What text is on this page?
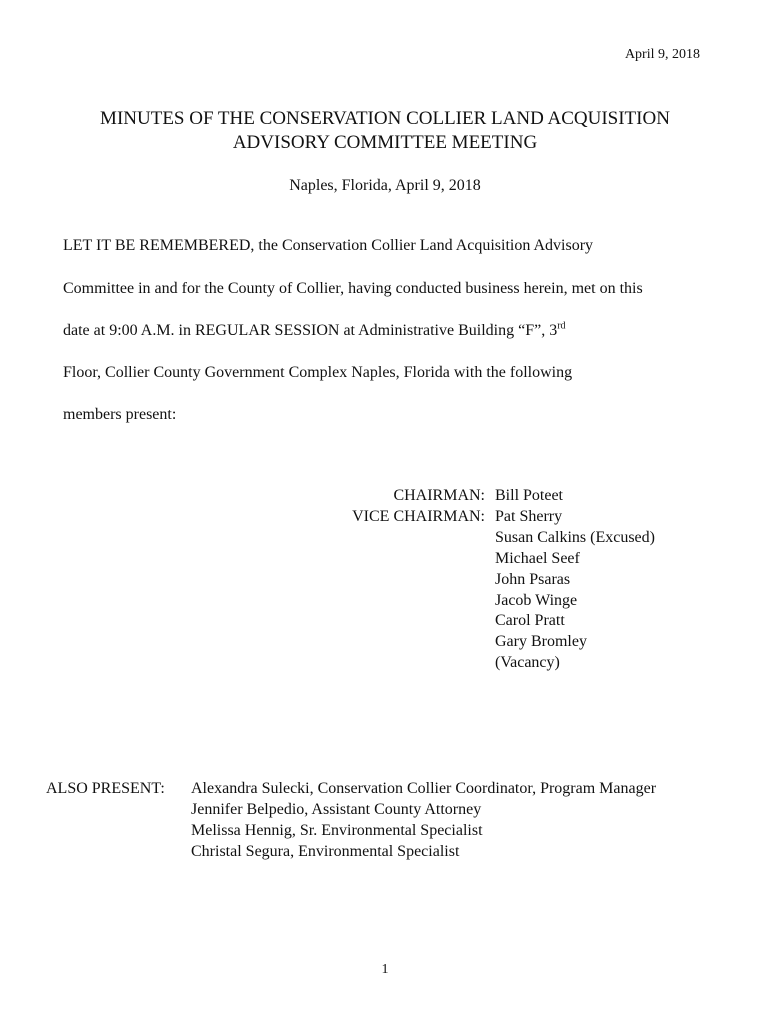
April 9, 2018
MINUTES OF THE CONSERVATION COLLIER LAND ACQUISITION
ADVISORY COMMITTEE MEETING
Naples, Florida, April 9, 2018
LET IT BE REMEMBERED, the Conservation Collier Land Acquisition Advisory
Committee in and for the County of Collier, having conducted business herein, met on this
date at 9:00 A.M. in REGULAR SESSION at Administrative Building “F”, 3rd
Floor, Collier County Government Complex Naples, Florida with the following
members present:
CHAIRMAN: Bill Poteet
VICE CHAIRMAN: Pat Sherry
Susan Calkins (Excused)
Michael Seef
John Psaras
Jacob Winge
Carol Pratt
Gary Bromley
(Vacancy)
ALSO PRESENT:	Alexandra Sulecki, Conservation Collier Coordinator, Program Manager
Jennifer Belpedio, Assistant County Attorney
Melissa Hennig, Sr. Environmental Specialist
Christal Segura, Environmental Specialist
1
